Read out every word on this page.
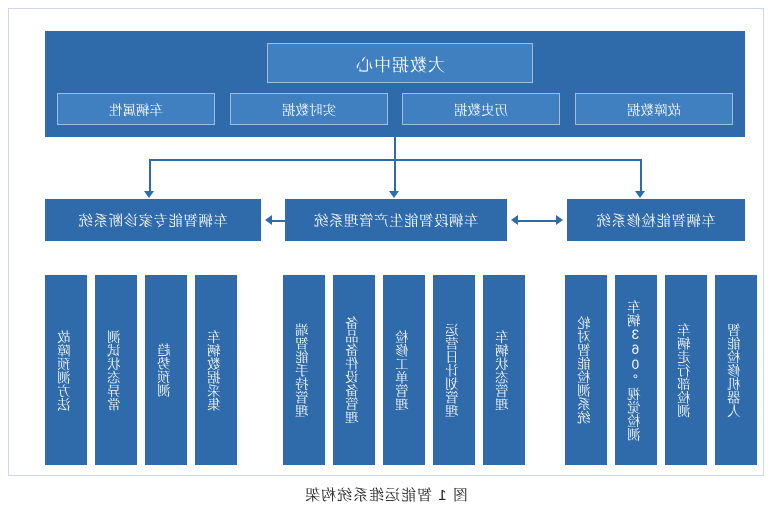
大数据中心
车辆属性	实时数据	历史数据	故障数据
车辆智能检修系统
车辆段智能生产管理系统
车辆智能专家诊断系统
轮对智能检测系统	车辆360°视觉检测	车辆走行部检测	智能检修机器人
端智能手持管理	备品备件设备管理	检修工单管理	运营日计划管理	车辆状态管理
故障预测方法	测试状态异常	趋势预测	车辆数据采集
图 1 智能运维系统构架
